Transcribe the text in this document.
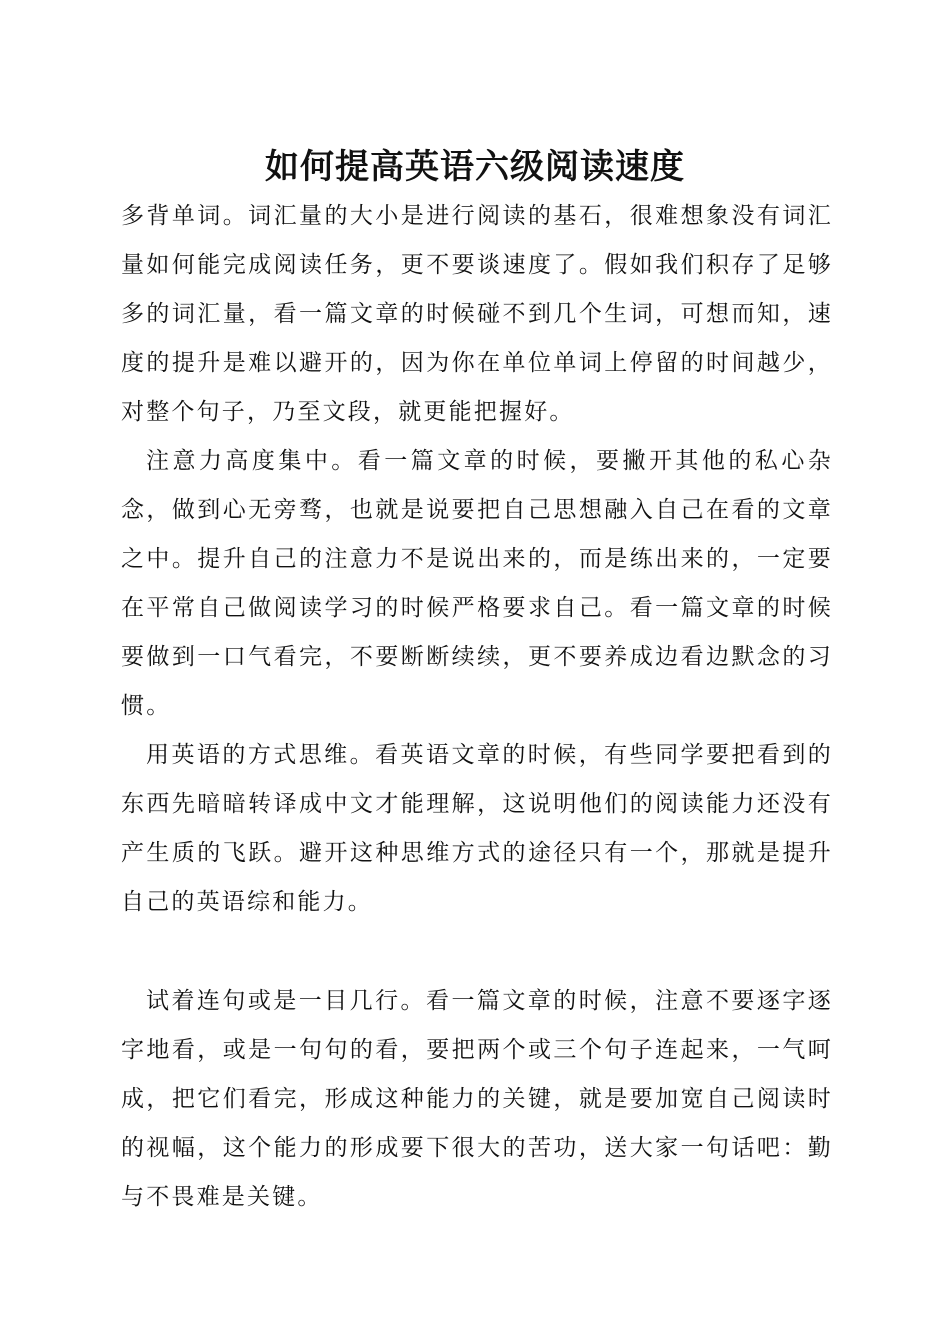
如何提高英语六级阅读速度

多背单词。词汇量的大小是进行阅读的基石，很难想象没有词汇量如何能完成阅读任务，更不要谈速度了。假如我们积存了足够多的词汇量，看一篇文章的时候碰不到几个生词，可想而知，速度的提升是难以避开的，因为你在单位单词上停留的时间越少，对整个句子，乃至文段，就更能把握好。

注意力高度集中。看一篇文章的时候，要撇开其他的私心杂念，做到心无旁骛，也就是说要把自己思想融入自己在看的文章之中。提升自己的注意力不是说出来的，而是练出来的，一定要在平常自己做阅读学习的时候严格要求自己。看一篇文章的时候要做到一口气看完，不要断断续续，更不要养成边看边默念的习惯。

用英语的方式思维。看英语文章的时候，有些同学要把看到的东西先暗暗转译成中文才能理解，这说明他们的阅读能力还没有产生质的飞跃。避开这种思维方式的途径只有一个，那就是提升自己的英语综和能力。

试着连句或是一目几行。看一篇文章的时候，注意不要逐字逐字地看，或是一句句的看，要把两个或三个句子连起来，一气呵成，把它们看完，形成这种能力的关键，就是要加宽自己阅读时的视幅，这个能力的形成要下很大的苦功，送大家一句话吧：勤与不畏难是关键。
